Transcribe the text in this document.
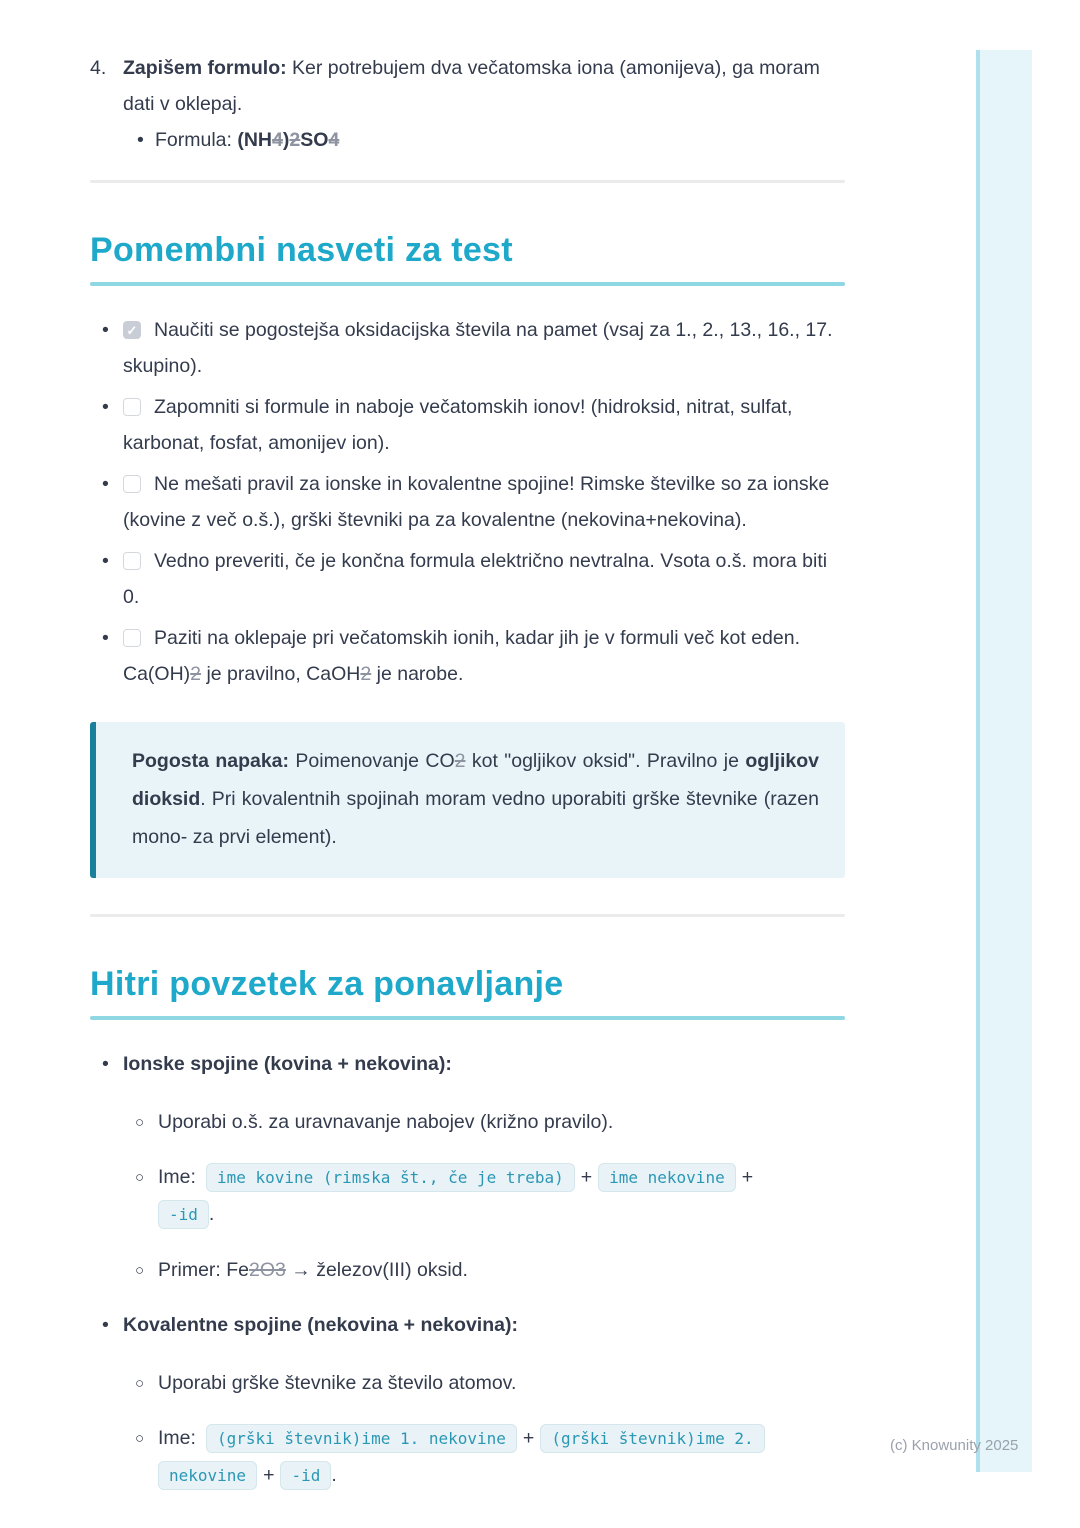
4. Zapišem formulo: Ker potrebujem dva večatomska iona (amonijeva), ga moram dati v oklepaj.

• Formula: (NH4)2SO4
Pomembni nasveti za test
• ✓ Naučiti se pogostejša oksidacijska števila na pamet (vsaj za 1., 2., 13., 16., 17. skupino).
• Zapomniti si formule in naboje večatomskih ionov! (hidroksid, nitrat, sulfat, karbonat, fosfat, amonijev ion).
• Ne mešati pravil za ionske in kovalentne spojine! Rimske številke so za ionske (kovine z več o.š.), grški števniki pa za kovalentne (nekovina+nekovina).
• Vedno preveriti, če je končna formula električno nevtralna. Vsota o.š. mora biti 0.
• Paziti na oklepaje pri večatomskih ionih, kadar jih je v formuli več kot eden. Ca(OH)2 je pravilno, CaOH2 je narobe.

Pogosta napaka: Poimenovanje CO2 kot "ogljikov oksid". Pravilno je ogljikov dioksid. Pri kovalentnih spojinah moram vedno uporabiti grške števnike (razen mono- za prvi element).

Hitri povzetek za ponavljanje
• Ionske spojine (kovina + nekovina):
○ Uporabi o.š. za uravnavanje nabojev (križno pravilo).
○ Ime: ime kovine (rimska št., če je treba) + ime nekovine +
-id .
○ Primer: Fe2O3 → železov(III) oksid.
• Kovalentne spojine (nekovina + nekovina):
○ Uporabi grške števnike za število atomov.
○ Ime: (grški števnik)ime 1. nekovine + (grški števnik)ime 2.
nekovine + -id .
(c) Knowunity 2025
